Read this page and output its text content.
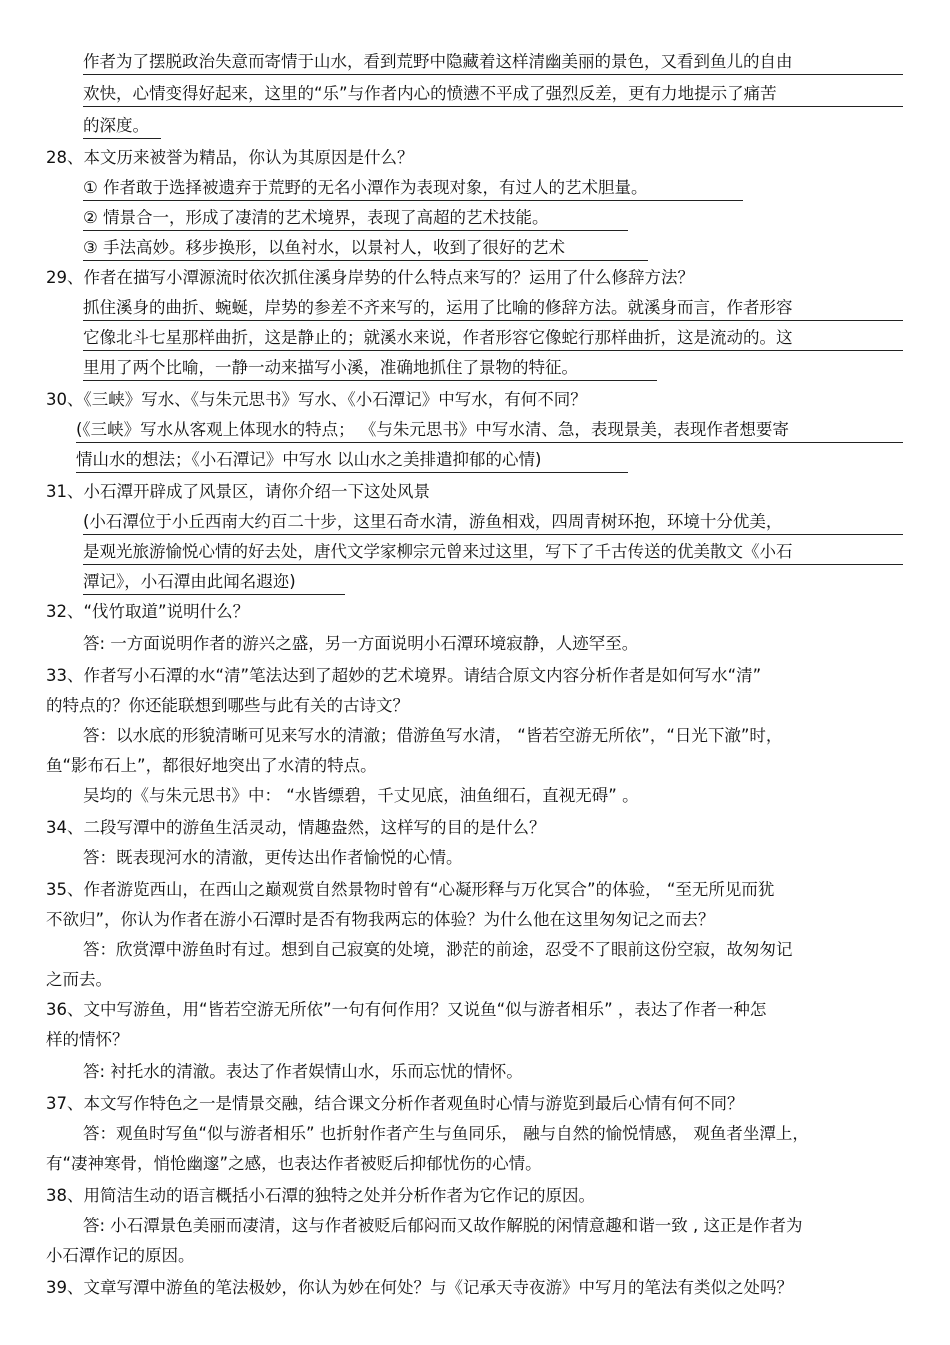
作者为了摆脱政治失意而寄情于山水，看到荒野中隐藏着这样清幽美丽的景色，又看到鱼儿的自由
欢快，心情变得好起来，这里的“乐”与作者内心的愤懑不平成了强烈反差，更有力地提示了痛苦
的深度。
28、本文历来被誉为精品，你认为其原因是什么？
① 作者敢于选择被遗弃于荒野的无名小潭作为表现对象，有过人的艺术胆量。
② 情景合一，形成了凄清的艺术境界，表现了高超的艺术技能。
③ 手法高妙。移步换形，以鱼衬水，以景衬人，收到了很好的艺术
29、作者在描写小潭源流时依次抓住溪身岸势的什么特点来写的？运用了什么修辞方法？
抓住溪身的曲折、蜿蜒，岸势的参差不齐来写的，运用了比喻的修辞方法。就溪身而言，作者形容
它像北斗七星那样曲折，这是静止的；就溪水来说，作者形容它像蛇行那样曲折，这是流动的。这
里用了两个比喻，一静一动来描写小溪，准确地抓住了景物的特征。
30、《三峡》写水、《与朱元思书》写水、《小石潭记》中写水，有何不同？
(《三峡》写水从客观上体现水的特点； 《与朱元思书》中写水清、急，表现景美，表现作者想要寄
情山水的想法；《小石潭记》中写水 以山水之美排遣抑郁的心情)
31、小石潭开辟成了风景区，请你介绍一下这处风景
(小石潭位于小丘西南大约百二十步，这里石奇水清，游鱼相戏，四周青树环抱，环境十分优美，
是观光旅游愉悦心情的好去处，唐代文学家柳宗元曾来过这里，写下了千古传送的优美散文《小石
潭记》，小石潭由此闻名遐迩)
32、“伐竹取道”说明什么？
答: 一方面说明作者的游兴之盛，另一方面说明小石潭环境寂静，人迹罕至。
33、作者写小石潭的水“清”笔法达到了超妙的艺术境界。请结合原文内容分析作者是如何写水“清”
的特点的？你还能联想到哪些与此有关的古诗文？
答：以水底的形貌清晰可见来写水的清澈；借游鱼写水清， “皆若空游无所依”，“日光下澈”时，
鱼“影布石上”，都很好地突出了水清的特点。
吴均的《与朱元思书》中： “水皆缥碧，千丈见底，油鱼细石，直视无碍” 。
34、二段写潭中的游鱼生活灵动，情趣盎然，这样写的目的是什么？
答：既表现河水的清澈，更传达出作者愉悦的心情。
35、作者游览西山，在西山之巅观赏自然景物时曾有“心凝形释与万化冥合”的体验， “至无所见而犹
不欲归”，你认为作者在游小石潭时是否有物我两忘的体验？为什么他在这里匆匆记之而去？
答：欣赏潭中游鱼时有过。想到自己寂寞的处境，渺茫的前途，忍受不了眼前这份空寂，故匆匆记
之而去。
36、文中写游鱼，用“皆若空游无所依”一句有何作用？又说鱼“似与游者相乐” ，表达了作者一种怎
样的情怀？
答: 衬托水的清澈。表达了作者娱情山水，乐而忘忧的情怀。
37、本文写作特色之一是情景交融，结合课文分析作者观鱼时心情与游览到最后心情有何不同？
答：观鱼时写鱼“似与游者相乐” 也折射作者产生与鱼同乐， 融与自然的愉悦情感， 观鱼者坐潭上，
有“凄神寒骨，悄怆幽邃”之感，也表达作者被贬后抑郁忧伤的心情。
38、用简洁生动的语言概括小石潭的独特之处并分析作者为它作记的原因。
答: 小石潭景色美丽而凄清，这与作者被贬后郁闷而又故作解脱的闲情意趣和谐一致 , 这正是作者为
小石潭作记的原因。
39、文章写潭中游鱼的笔法极妙，你认为妙在何处？与《记承天寺夜游》中写月的笔法有类似之处吗？
